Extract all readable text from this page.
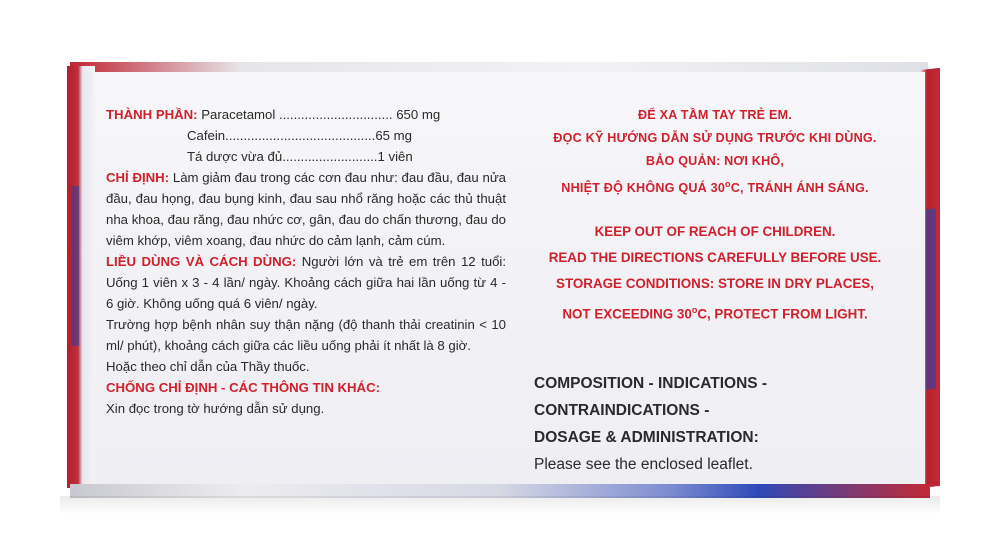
THÀNH PHẦN: Paracetamol ............................... 650 mg
Cafein.........................................65 mg
Tá dược vừa đủ..........................1 viên
CHỈ ĐỊNH: Làm giảm đau trong các cơn đau như: đau đầu, đau nửa đầu, đau họng, đau bụng kinh, đau sau nhổ răng hoặc các thủ thuật nha khoa, đau răng, đau nhức cơ, gân, đau do chấn thương, đau do viêm khớp, viêm xoang, đau nhức do cảm lạnh, cảm cúm.
LIỀU DÙNG VÀ CÁCH DÙNG: Người lớn và trẻ em trên 12 tuổi: Uống 1 viên x 3 - 4 lần/ ngày. Khoảng cách giữa hai lần uống từ 4 - 6 giờ. Không uống quá 6 viên/ ngày.
Trường hợp bệnh nhân suy thận nặng (độ thanh thải creatinin < 10 ml/ phút), khoảng cách giữa các liều uống phải ít nhất là 8 giờ.
Hoặc theo chỉ dẫn của Thầy thuốc.
CHỐNG CHỈ ĐỊNH - CÁC THÔNG TIN KHÁC:
Xin đọc trong tờ hướng dẫn sử dụng.
ĐỂ XA TẦM TAY TRẺ EM.
ĐỌC KỸ HƯỚNG DẪN SỬ DỤNG TRƯỚC KHI DÙNG.
BẢO QUẢN: NƠI KHÔ,
NHIỆT ĐỘ KHÔNG QUÁ 30$^o$C, TRÁNH ÁNH SÁNG.
KEEP OUT OF REACH OF CHILDREN.
READ THE DIRECTIONS CAREFULLY BEFORE USE.
STORAGE CONDITIONS: STORE IN DRY PLACES,
NOT EXCEEDING 30$^o$C, PROTECT FROM LIGHT.
COMPOSITION - INDICATIONS -
CONTRAINDICATIONS -
DOSAGE & ADMINISTRATION:
Please see the enclosed leaflet.
